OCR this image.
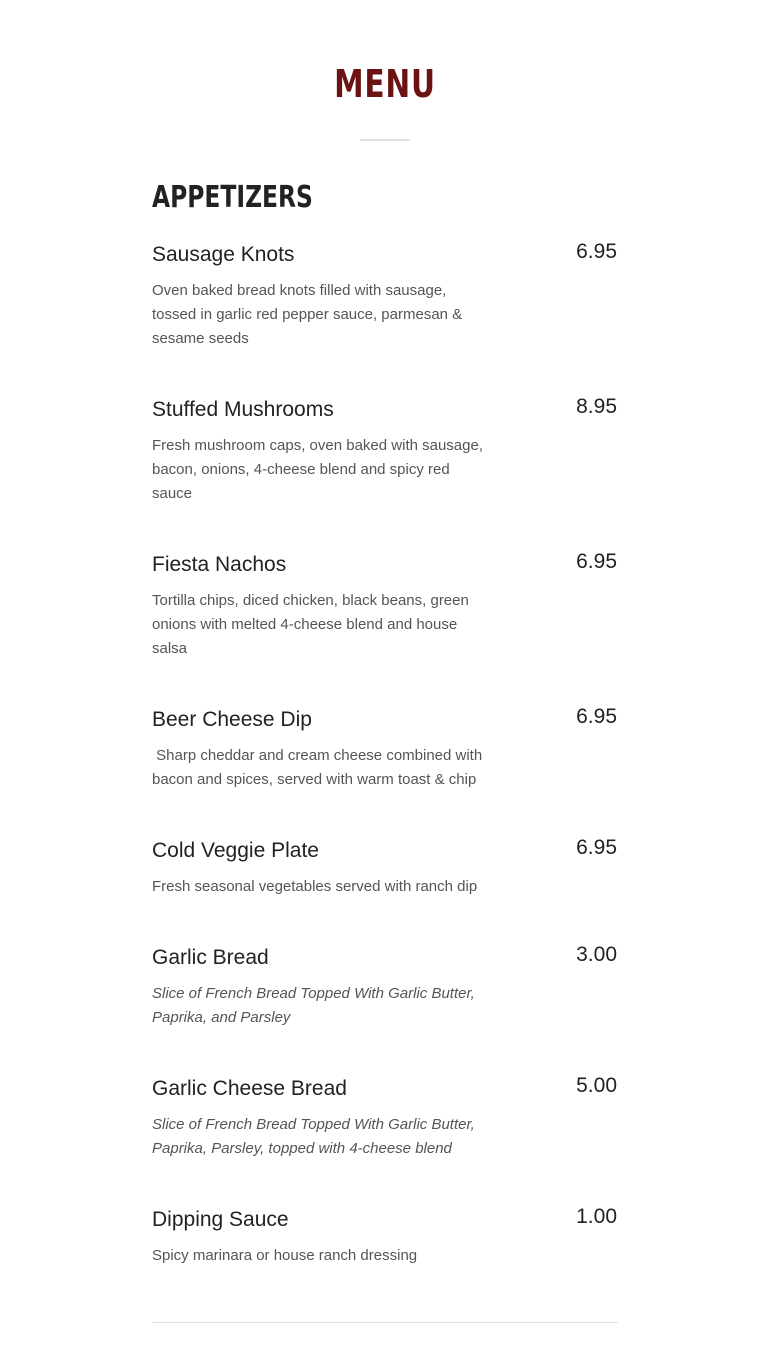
MENU
APPETIZERS
Sausage Knots	6.95
Oven baked bread knots filled with sausage, tossed in garlic red pepper sauce, parmesan & sesame seeds
Stuffed Mushrooms	8.95
Fresh mushroom caps, oven baked with sausage, bacon, onions, 4-cheese blend and spicy red sauce
Fiesta Nachos	6.95
Tortilla chips, diced chicken, black beans, green onions with melted 4-cheese blend and house salsa
Beer Cheese Dip	6.95
Sharp cheddar and cream cheese combined with bacon and spices, served with warm toast & chip
Cold Veggie Plate	6.95
Fresh seasonal vegetables served with ranch dip
Garlic Bread	3.00
Slice of French Bread Topped With Garlic Butter, Paprika, and Parsley
Garlic Cheese Bread	5.00
Slice of French Bread Topped With Garlic Butter, Paprika, Parsley, topped with 4-cheese blend
Dipping Sauce	1.00
Spicy marinara or house ranch dressing
